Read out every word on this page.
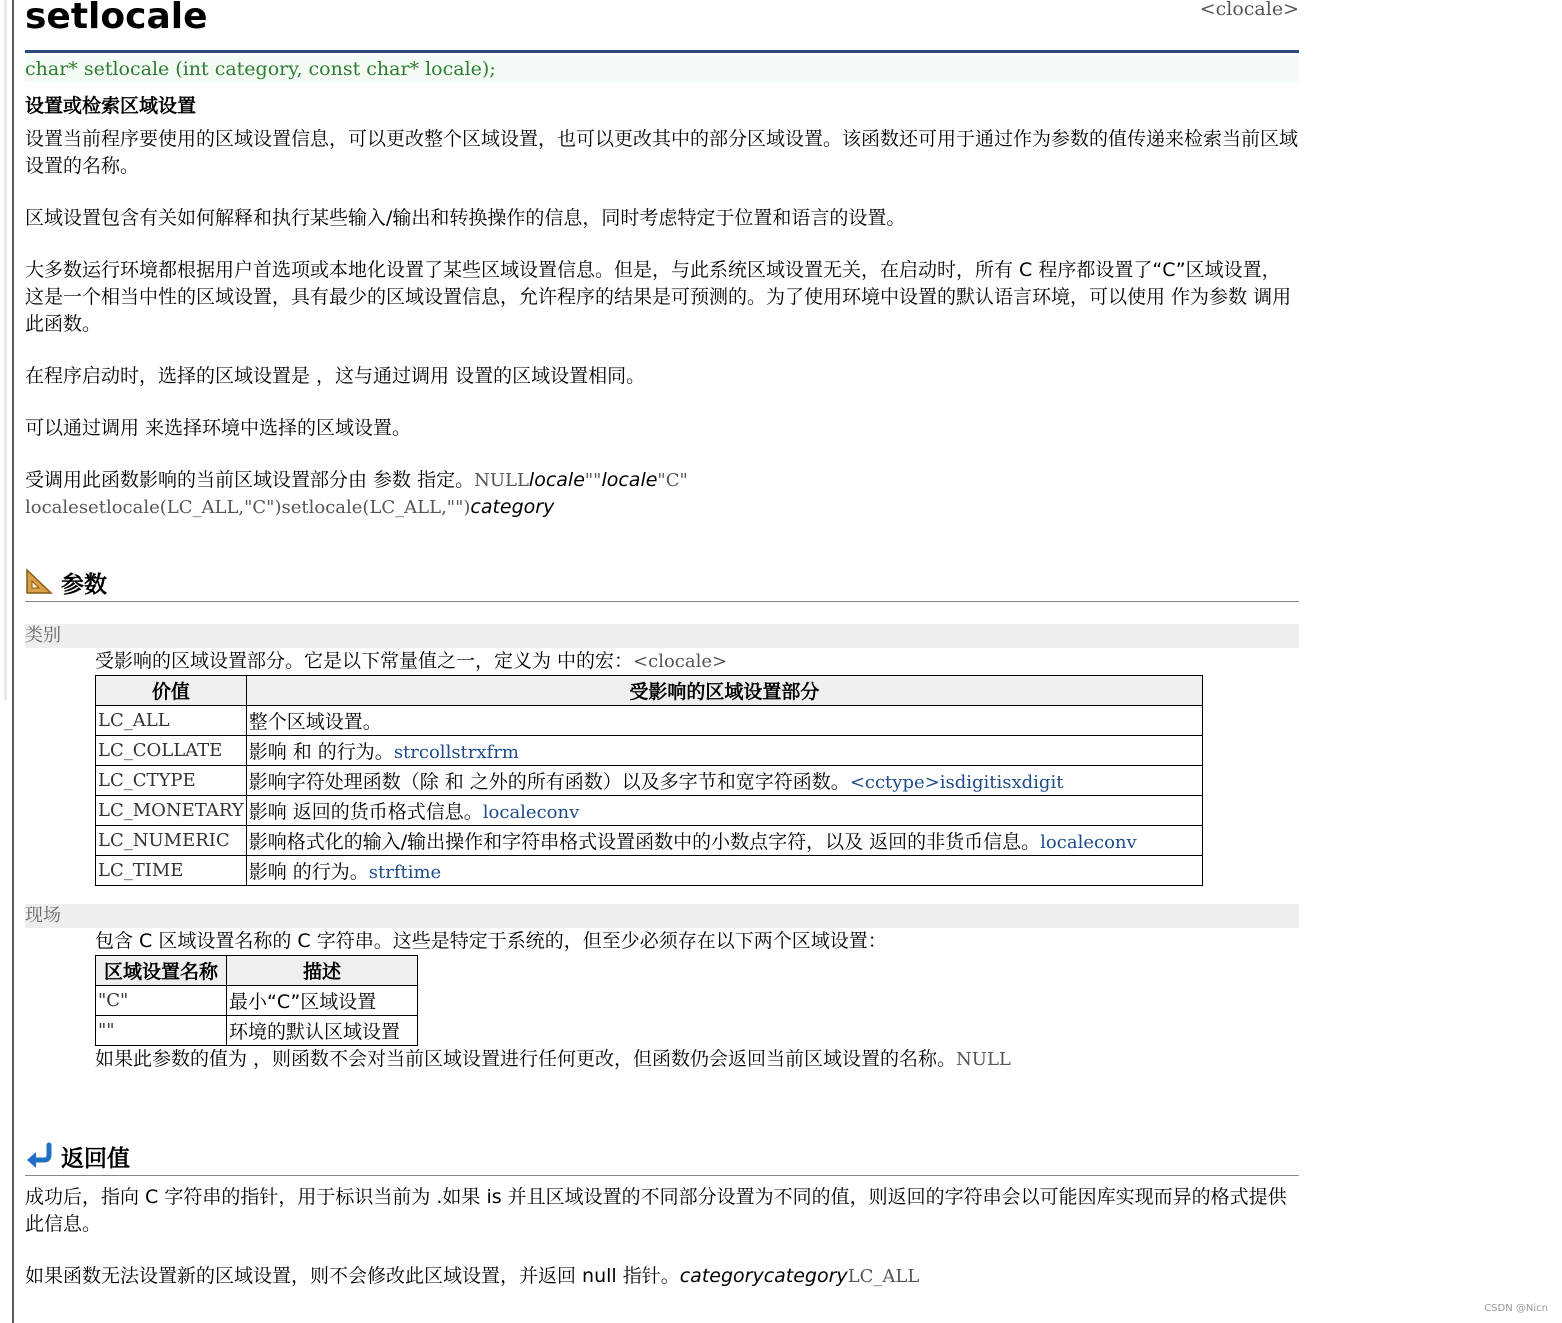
setlocale	<clocale>
char* setlocale (int category, const char* locale);
设置或检索区域设置

设置当前程序要使用的区域设置信息，可以更改整个区域设置，也可以更改其中的部分区域设置。该函数还可用于通过作为参数的值传递来检索当前区域设置的名称。

区域设置包含有关如何解释和执行某些输入/输出和转换操作的信息，同时考虑特定于位置和语言的设置。

大多数运行环境都根据用户首选项或本地化设置了某些区域设置信息。但是，与此系统区域设置无关，在启动时，所有 C 程序都设置了“C”区域设置，这是一个相当中性的区域设置，具有最少的区域设置信息，允许程序的结果是可预测的。为了使用环境中设置的默认语言环境，可以使用 作为参数 调用此函数。

在程序启动时，选择的区域设置是 ，这与通过调用 设置的区域设置相同。

可以通过调用 来选择环境中选择的区域设置。

受调用此函数影响的当前区域设置部分由 参数 指定。NULLlocale""locale"C"
localesetlocale(LC_ALL,"C")setlocale(LC_ALL,"")category

参数
类别
受影响的区域设置部分。它是以下常量值之一，定义为 中的宏：<clocale>
价值	受影响的区域设置部分
LC_ALL	整个区域设置。
LC_COLLATE	影响 和 的行为。strcollstrxfrm
LC_CTYPE	影响字符处理函数（除 和 之外的所有函数）以及多字节和宽字符函数。<cctype>isdigitisxdigit
LC_MONETARY	影响 返回的货币格式信息。localeconv
LC_NUMERIC	影响格式化的输入/输出操作和字符串格式设置函数中的小数点字符，以及 返回的非货币信息。localeconv
LC_TIME	影响 的行为。strftime
现场
包含 C 区域设置名称的 C 字符串。这些是特定于系统的，但至少必须存在以下两个区域设置：
区域设置名称	描述
"C"	最小“C”区域设置
""	环境的默认区域设置
如果此参数的值为 ，则函数不会对当前区域设置进行任何更改，但函数仍会返回当前区域设置的名称。NULL
返回值

成功后，指向 C 字符串的指针，用于标识当前为 .如果 is 并且区域设置的不同部分设置为不同的值，则返回的字符串会以可能因库实现而异的格式提供此信息。

如果函数无法设置新的区域设置，则不会修改此区域设置，并返回 null 指针。categorycategoryLC_ALL

CSDN @Nicn
